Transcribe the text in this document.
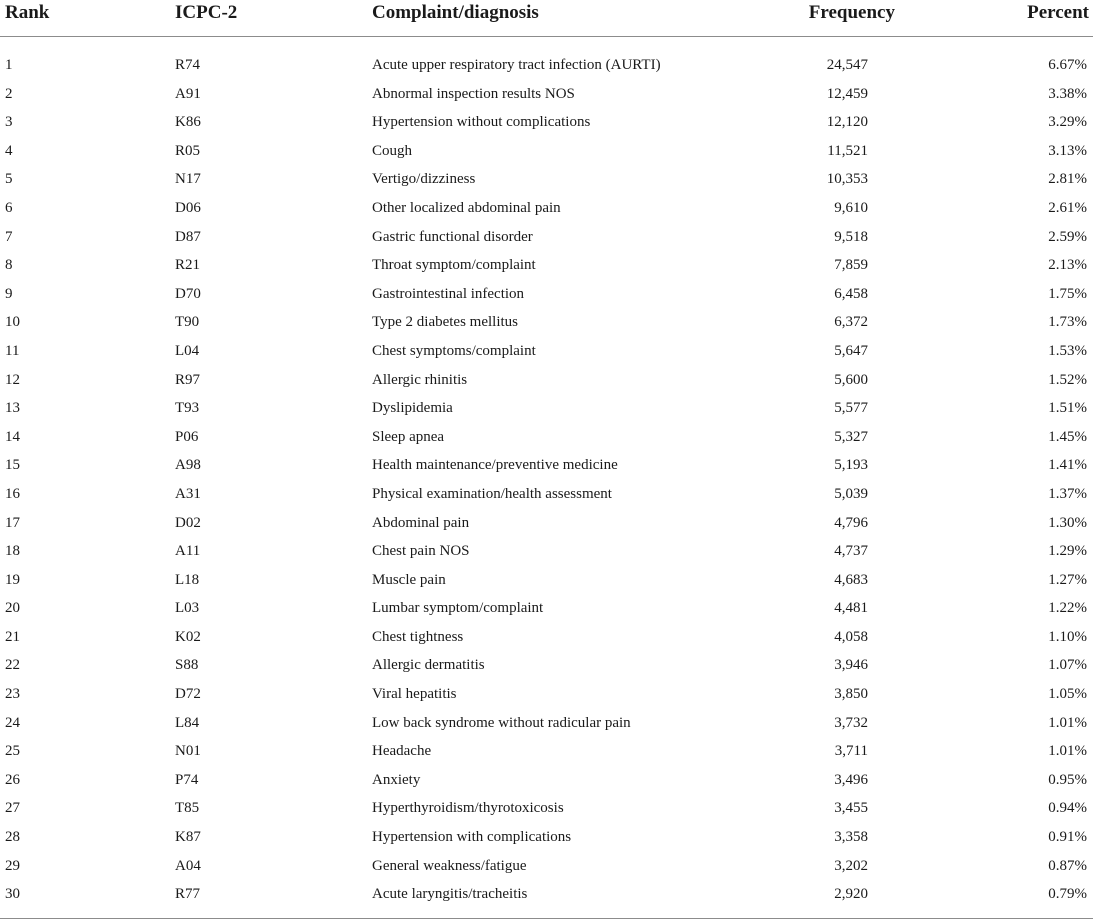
Rank	ICPC-2	Complaint/diagnosis	Frequency	Percent
1	R74	Acute upper respiratory tract infection (AURTI)	24,547	6.67%
2	A91	Abnormal inspection results NOS	12,459	3.38%
3	K86	Hypertension without complications	12,120	3.29%
4	R05	Cough	11,521	3.13%
5	N17	Vertigo/dizziness	10,353	2.81%
6	D06	Other localized abdominal pain	9,610	2.61%
7	D87	Gastric functional disorder	9,518	2.59%
8	R21	Throat symptom/complaint	7,859	2.13%
9	D70	Gastrointestinal infection	6,458	1.75%
10	T90	Type 2 diabetes mellitus	6,372	1.73%
11	L04	Chest symptoms/complaint	5,647	1.53%
12	R97	Allergic rhinitis	5,600	1.52%
13	T93	Dyslipidemia	5,577	1.51%
14	P06	Sleep apnea	5,327	1.45%
15	A98	Health maintenance/preventive medicine	5,193	1.41%
16	A31	Physical examination/health assessment	5,039	1.37%
17	D02	Abdominal pain	4,796	1.30%
18	A11	Chest pain NOS	4,737	1.29%
19	L18	Muscle pain	4,683	1.27%
20	L03	Lumbar symptom/complaint	4,481	1.22%
21	K02	Chest tightness	4,058	1.10%
22	S88	Allergic dermatitis	3,946	1.07%
23	D72	Viral hepatitis	3,850	1.05%
24	L84	Low back syndrome without radicular pain	3,732	1.01%
25	N01	Headache	3,711	1.01%
26	P74	Anxiety	3,496	0.95%
27	T85	Hyperthyroidism/thyrotoxicosis	3,455	0.94%
28	K87	Hypertension with complications	3,358	0.91%
29	A04	General weakness/fatigue	3,202	0.87%
30	R77	Acute laryngitis/tracheitis	2,920	0.79%
